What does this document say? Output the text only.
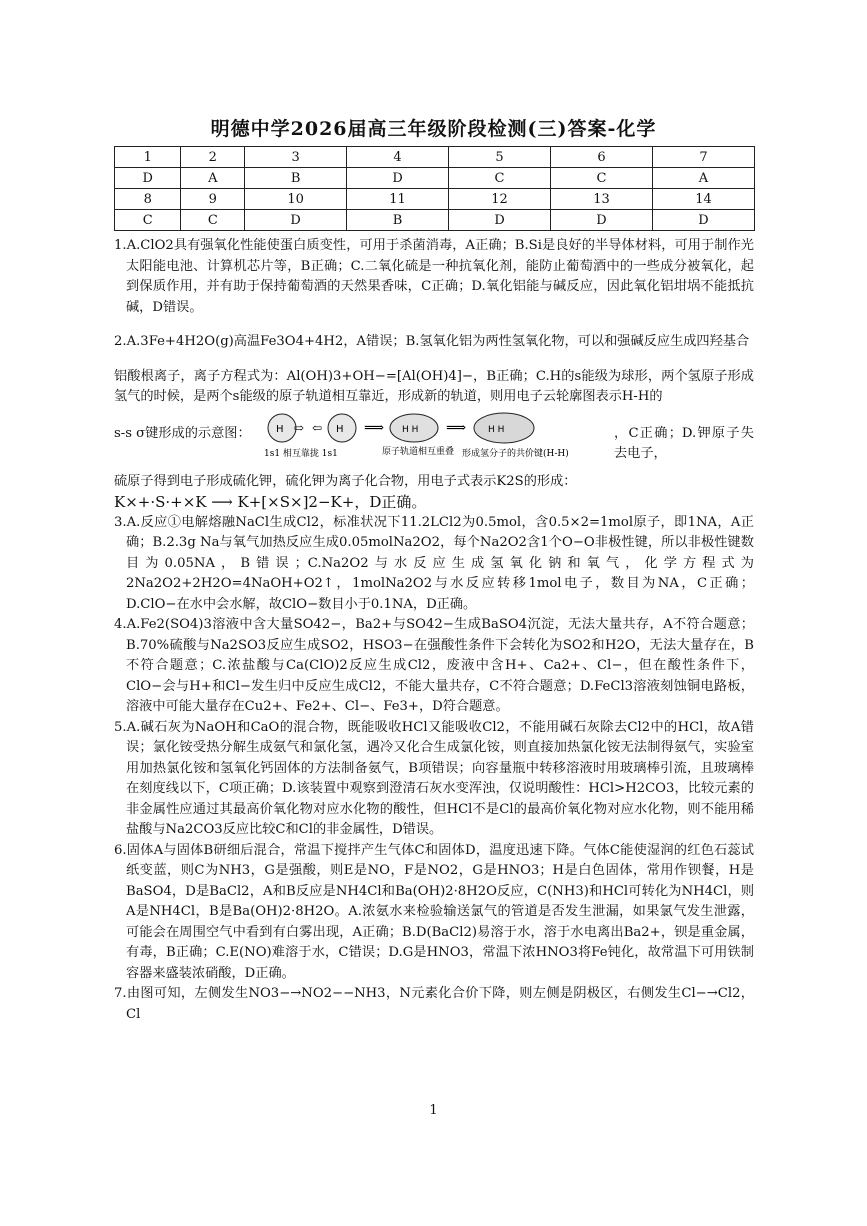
明德中学2026届高三年级阶段检测(三)答案-化学
1	2	3	4	5	6	7
D	A	B	D	C	C	A
8	9	10	11	12	13	14
C	C	D	B	D	D	D

1.A.ClO2具有强氧化性能使蛋白质变性，可用于杀菌消毒，A正确；B.Si是良好的半导体材料，可用于制作光太阳能电池、计算机芯片等，B正确；C.二氧化硫是一种抗氧化剂，能防止葡萄酒中的一些成分被氧化，起到保质作用，并有助于保持葡萄酒的天然果香味，C正确；D.氧化铝能与碱反应，因此氧化铝坩埚不能抵抗碱，D错误。

2.A.3Fe+4H2O(g)高温Fe3O4+4H2，A错误；B.氢氧化铝为两性氢氧化物，可以和强碱反应生成四羟基合

铝酸根离子，离子方程式为：Al(OH)3+OH−=[Al(OH)4]−，B正确；C.H的s能级为球形，两个氢原子形成氢气的时候，是两个s能级的原子轨道相互靠近，形成新的轨道，则用电子云轮廓图表示H-H的

s-s σ键形成的示意图：	H ⇨ ⇦ H ⟹ H H ⟹ H H
1s1 相互靠拢 1s1	原子轨道相互重叠 形成氢分子的共价键(H-H)
，C正确；D.钾原子失去电子，

硫原子得到电子形成硫化钾，硫化钾为离子化合物，用电子式表示K2S的形成：

K×+·S·+×K ⟶ K+[×S×]2−K+，D正确。

3.A.反应①电解熔融NaCl生成Cl2，标准状况下11.2LCl2为0.5mol，含0.5×2=1mol原子，即1NA，A正确；B.2.3g Na与氧气加热反应生成0.05molNa2O2，每个Na2O2含1个O−O非极性键，所以非极性键数目为0.05NA，B错误；C.Na2O2与水反应生成氢氧化钠和氧气，化学方程式为2Na2O2+2H2O=4NaOH+O2↑，1molNa2O2与水反应转移1mol电子，数目为NA，C正确；D.ClO−在水中会水解，故ClO−数目小于0.1NA，D正确。

4.A.Fe2(SO4)3溶液中含大量SO42−，Ba2+与SO42−生成BaSO4沉淀，无法大量共存，A不符合题意；B.70%硫酸与Na2SO3反应生成SO2，HSO3−在强酸性条件下会转化为SO2和H2O，无法大量存在，B不符合题意；C.浓盐酸与Ca(ClO)2反应生成Cl2，废液中含H+、Ca2+、Cl−，但在酸性条件下，ClO−会与H+和Cl−发生归中反应生成Cl2，不能大量共存，C不符合题意；D.FeCl3溶液刻蚀铜电路板，溶液中可能大量存在Cu2+、Fe2+、Cl−、Fe3+，D符合题意。

5.A.碱石灰为NaOH和CaO的混合物，既能吸收HCl又能吸收Cl2，不能用碱石灰除去Cl2中的HCl，故A错误；氯化铵受热分解生成氨气和氯化氢，遇冷又化合生成氯化铵，则直接加热氯化铵无法制得氨气，实验室用加热氯化铵和氢氧化钙固体的方法制备氨气，B项错误；向容量瓶中转移溶液时用玻璃棒引流，且玻璃棒在刻度线以下，C项正确；D.该装置中观察到澄清石灰水变浑浊，仅说明酸性：HCl>H2CO3，比较元素的非金属性应通过其最高价氧化物对应水化物的酸性，但HCl不是Cl的最高价氧化物对应水化物，则不能用稀盐酸与Na2CO3反应比较C和Cl的非金属性，D错误。

6.固体A与固体B研细后混合，常温下搅拌产生气体C和固体D，温度迅速下降。气体C能使湿润的红色石蕊试纸变蓝，则C为NH3，G是强酸，则E是NO，F是NO2，G是HNO3；H是白色固体，常用作钡餐，H是BaSO4，D是BaCl2，A和B反应是NH4Cl和Ba(OH)2·8H2O反应，C(NH3)和HCl可转化为NH4Cl，则A是NH4Cl，B是Ba(OH)2·8H2O。A.浓氨水来检验输送氯气的管道是否发生泄漏，如果氯气发生泄露，可能会在周围空气中看到有白雾出现，A正确；B.D(BaCl2)易溶于水，溶于水电离出Ba2+，钡是重金属，有毒，B正确；C.E(NO)难溶于水，C错误；D.G是HNO3，常温下浓HNO3将Fe钝化，故常温下可用铁制容器来盛装浓硝酸，D正确。

7.由图可知，左侧发生NO3−→NO2−−NH3，N元素化合价下降，则左侧是阴极区，右侧发生Cl−→Cl2，Cl

1
